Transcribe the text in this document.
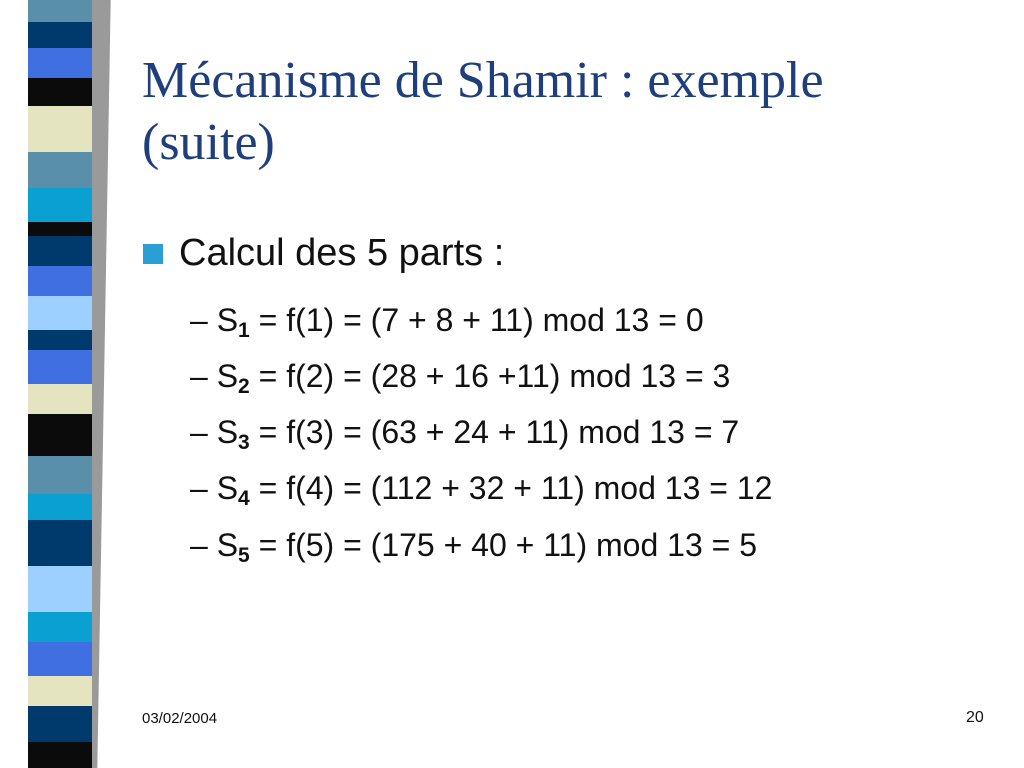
Mécanisme de Shamir : exemple
(suite)
Calcul des 5 parts :
– $S_1 = f(1) = (7 + 8 + 11)$ mod 13 = 0
– $S_2 = f(2) = (28 + 16 +11)$ mod 13 = 3
– $S_3 = f(3) = (63 + 24 + 11)$ mod 13 = 7
– $S_4 = f(4) = (112 + 32 + 11)$ mod 13 = 12
– $S_5 = f(5) = (175 + 40 + 11)$ mod 13 = 5
03/02/2004	20
